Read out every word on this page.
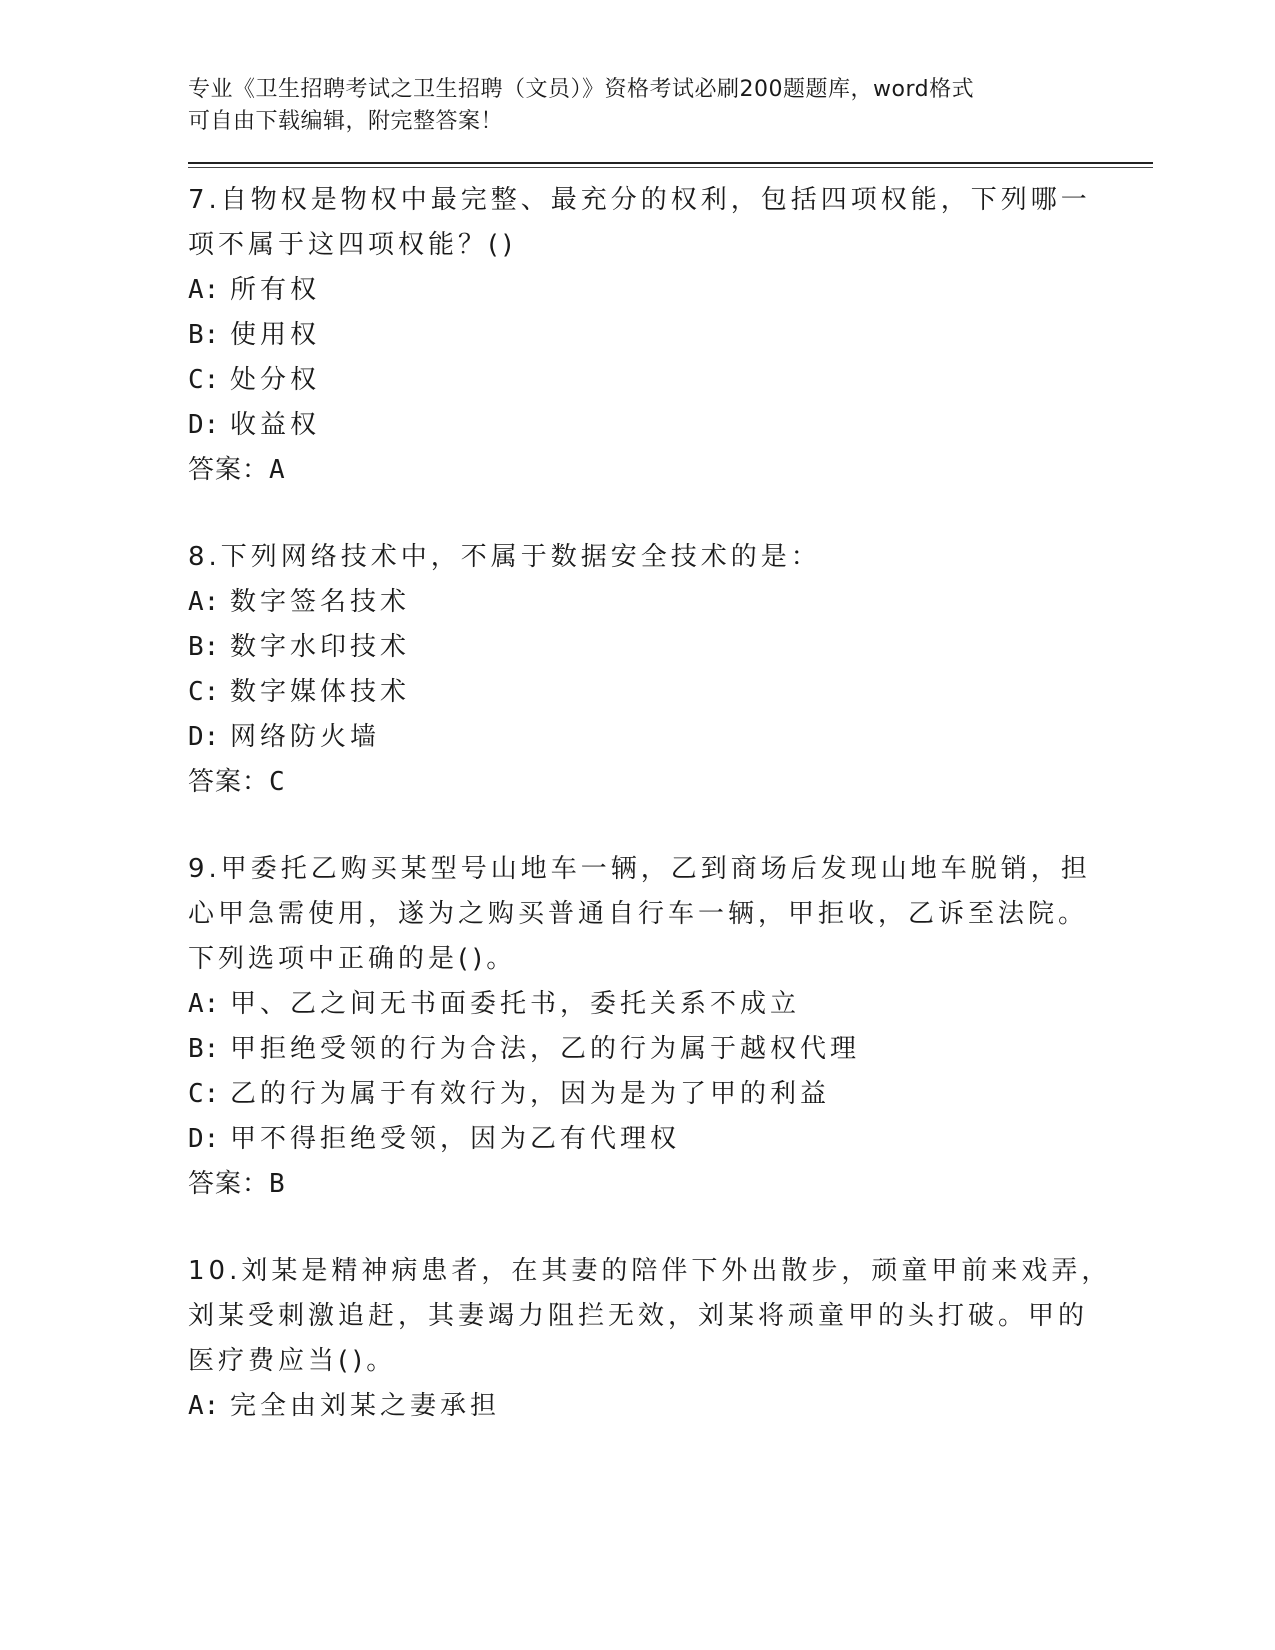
专业《卫生招聘考试之卫生招聘（文员）》资格考试必刷200题题库，word格式
可自由下载编辑，附完整答案！
7.自物权是物权中最完整、最充分的权利，包括四项权能，下列哪一
项不属于这四项权能？()
A: 所有权
B: 使用权
C: 处分权
D: 收益权
答案：A
8.下列网络技术中，不属于数据安全技术的是：
A: 数字签名技术
B: 数字水印技术
C: 数字媒体技术
D: 网络防火墙
答案：C
9.甲委托乙购买某型号山地车一辆，乙到商场后发现山地车脱销，担
心甲急需使用，遂为之购买普通自行车一辆，甲拒收，乙诉至法院。
下列选项中正确的是()。
A: 甲、乙之间无书面委托书，委托关系不成立
B: 甲拒绝受领的行为合法，乙的行为属于越权代理
C: 乙的行为属于有效行为，因为是为了甲的利益
D: 甲不得拒绝受领，因为乙有代理权
答案：B
10.刘某是精神病患者，在其妻的陪伴下外出散步，顽童甲前来戏弄，
刘某受刺激追赶，其妻竭力阻拦无效，刘某将顽童甲的头打破。甲的
医疗费应当()。
A: 完全由刘某之妻承担
